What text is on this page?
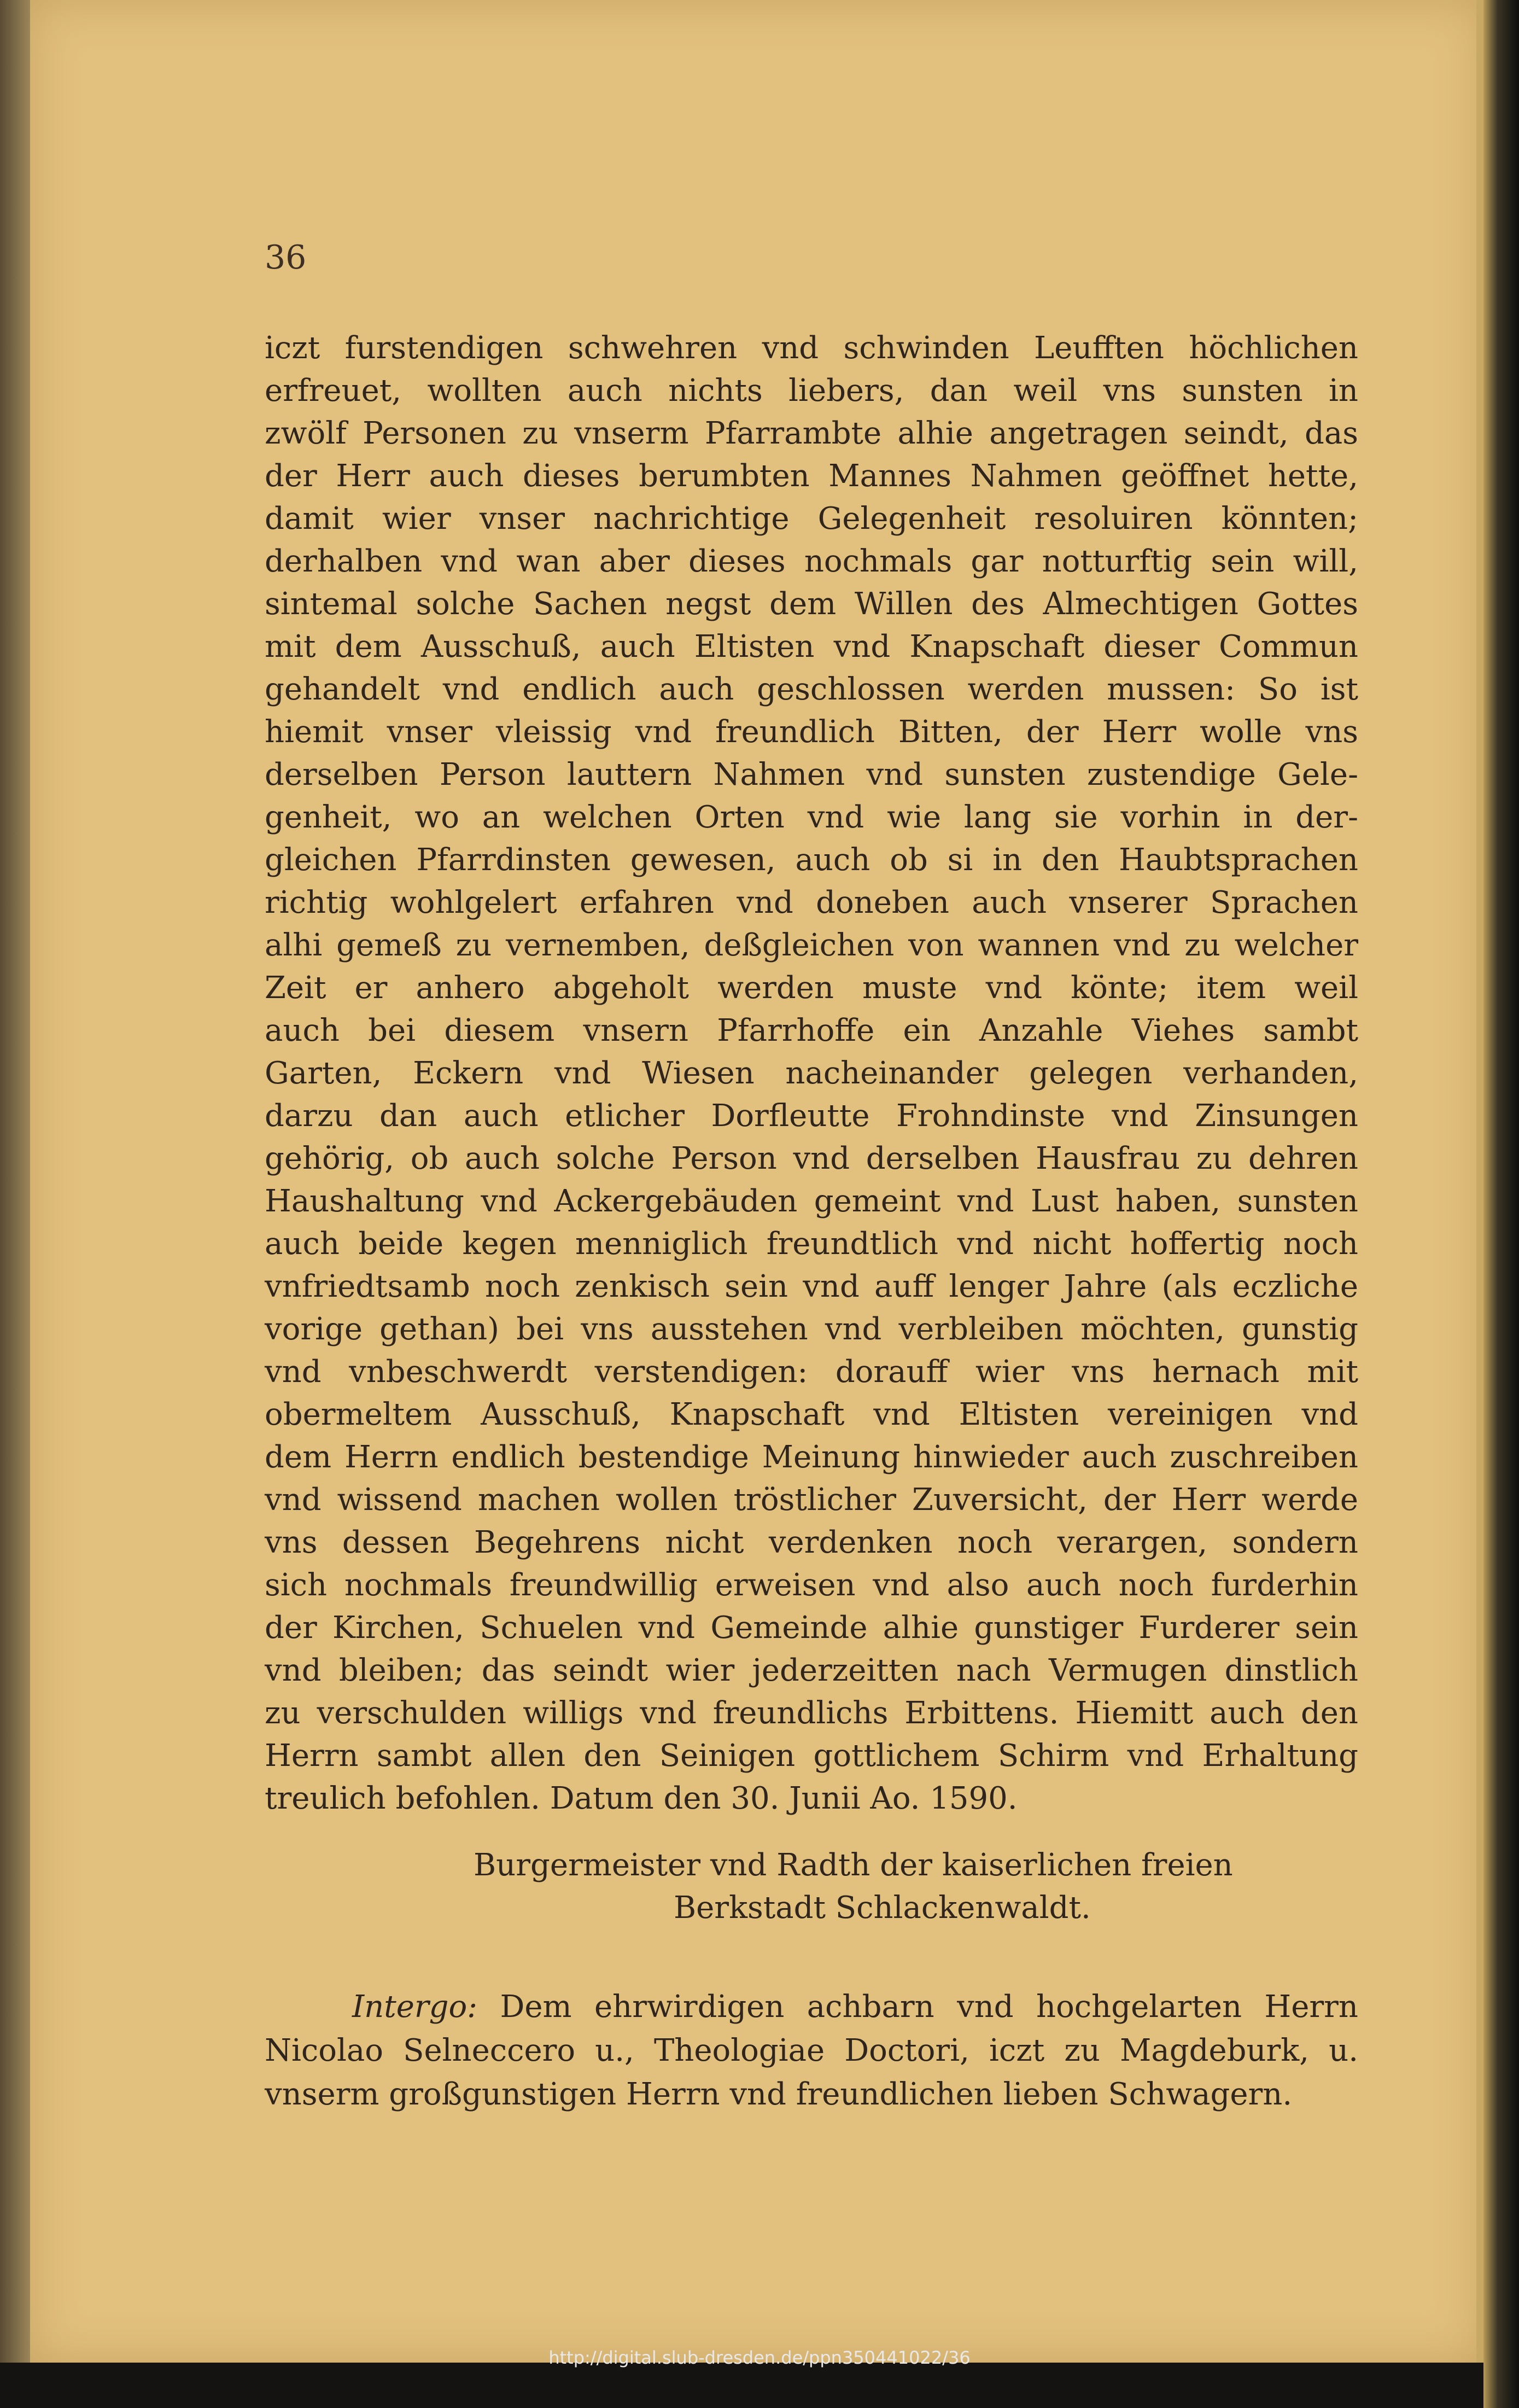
36

iczt furstendigen schwehren vnd schwinden Leufften höchlichen
erfreuet, wollten auch nichts liebers, dan weil vns sunsten in
zwölf Personen zu vnserm Pfarrambte alhie angetragen seindt, das
der Herr auch dieses berumbten Mannes Nahmen geöffnet hette,
damit wier vnser nachrichtige Gelegenheit resoluiren könnten;
derhalben vnd wan aber dieses nochmals gar notturftig sein will,
sintemal solche Sachen negst dem Willen des Almechtigen Gottes
mit dem Ausschuß, auch Eltisten vnd Knapschaft dieser Commun
gehandelt vnd endlich auch geschlossen werden mussen: So ist
hiemit vnser vleissig vnd freundlich Bitten, der Herr wolle vns
derselben Person lauttern Nahmen vnd sunsten zustendige Gele-
genheit, wo an welchen Orten vnd wie lang sie vorhin in der-
gleichen Pfarrdinsten gewesen, auch ob si in den Haubtsprachen
richtig wohlgelert erfahren vnd doneben auch vnserer Sprachen
alhi gemeß zu vernemben, deßgleichen von wannen vnd zu welcher
Zeit er anhero abgeholt werden muste vnd könte; item weil
auch bei diesem vnsern Pfarrhoffe ein Anzahle Viehes sambt
Garten, Eckern vnd Wiesen nacheinander gelegen verhanden,
darzu dan auch etlicher Dorfleutte Frohndinste vnd Zinsungen
gehörig, ob auch solche Person vnd derselben Hausfrau zu dehren
Haushaltung vnd Ackergebäuden gemeint vnd Lust haben, sunsten
auch beide kegen menniglich freundtlich vnd nicht hoffertig noch
vnfriedtsamb noch zenkisch sein vnd auff lenger Jahre (als eczliche
vorige gethan) bei vns ausstehen vnd verbleiben möchten, gunstig
vnd vnbeschwerdt verstendigen: dorauff wier vns hernach mit
obermeltem Ausschuß, Knapschaft vnd Eltisten vereinigen vnd
dem Herrn endlich bestendige Meinung hinwieder auch zuschreiben
vnd wissend machen wollen tröstlicher Zuversicht, der Herr werde
vns dessen Begehrens nicht verdenken noch verargen, sondern
sich nochmals freundwillig erweisen vnd also auch noch furderhin
der Kirchen, Schuelen vnd Gemeinde alhie gunstiger Furderer sein
vnd bleiben; das seindt wier jederzeitten nach Vermugen dinstlich
zu verschulden willigs vnd freundlichs Erbittens. Hiemitt auch den
Herrn sambt allen den Seinigen gottlichem Schirm vnd Erhaltung
treulich befohlen. Datum den 30. Junii Ao. 1590.

Burgermeister vnd Radth der kaiserlichen freien
Berkstadt Schlackenwaldt.

Intergo: Dem ehrwirdigen achbarn vnd hochgelarten Herrn
Nicolao Selneccero u., Theologiae Doctori, iczt zu Magdeburk, u.
vnserm großgunstigen Herrn vnd freundlichen lieben Schwagern.

http://digital.slub-dresden.de/ppn350441022/36
